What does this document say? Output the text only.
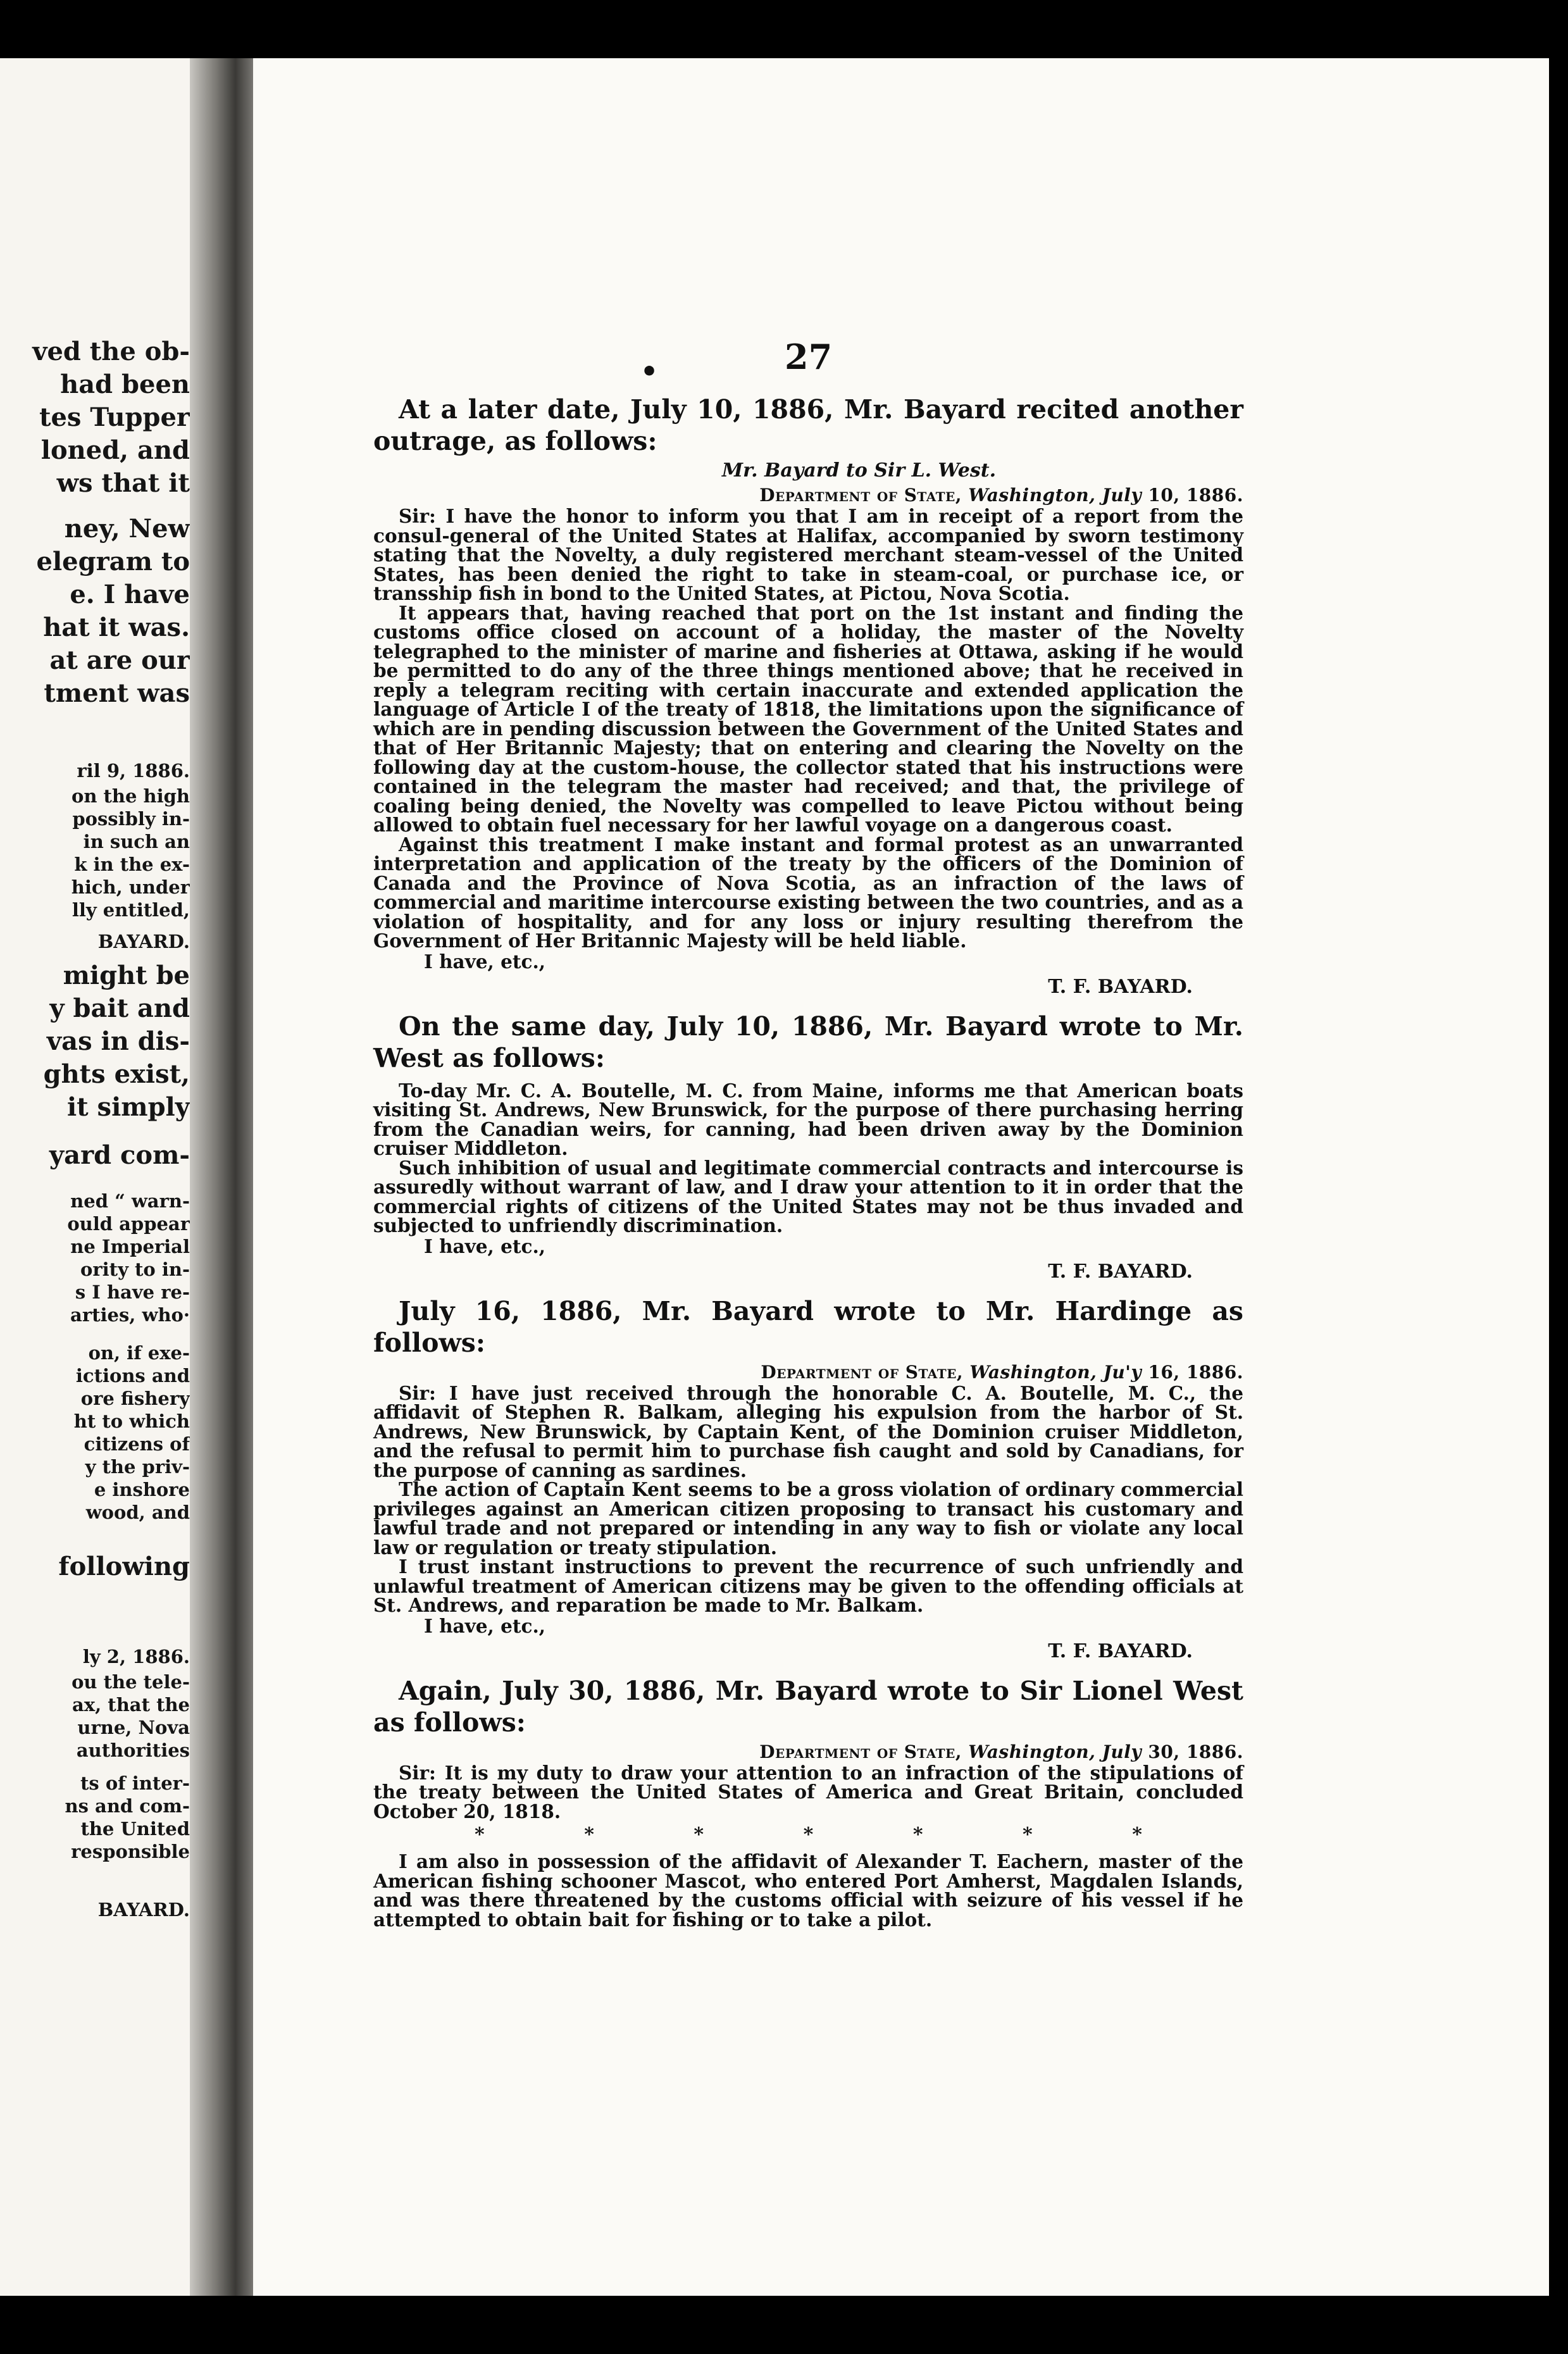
ved the ob-
had been
tes Tupper
loned, and
ws that it
ney, New
elegram to
e. I have
hat it was.
at are our
tment was
ril 9, 1886.
on the high
possibly in-
in such an
k in the ex-
hich, under
lly entitled,
BAYARD.
might be
y bait and
vas in dis-
ghts exist,
it simply
yard com-
ned “ warn-
ould appear
ne Imperial
ority to in-
s I have re-
arties, who·
on, if exe-
ictions and
ore fishery
ht to which
citizens of
y the priv-
e inshore
wood, and
following
ly 2, 1886.
ou the tele-
ax, that the
urne, Nova
authorities
ts of inter-
ns and com-
the United
responsible
BAYARD.
•	27

At a later date, July 10, 1886, Mr. Bayard recited another outrage, as follows:

Mr. Bayard to Sir L. West.

Department of State, Washington, July 10, 1886.

Sir: I have the honor to inform you that I am in receipt of a report from the consul-general of the United States at Halifax, accompanied by sworn testimony stating that the Novelty, a duly registered merchant steam-vessel of the United States, has been denied the right to take in steam-coal, or purchase ice, or transship fish in bond to the United States, at Pictou, Nova Scotia.

It appears that, having reached that port on the 1st instant and finding the customs office closed on account of a holiday, the master of the Novelty telegraphed to the minister of marine and fisheries at Ottawa, asking if he would be permitted to do any of the three things mentioned above; that he received in reply a telegram reciting with certain inaccurate and extended application the language of Article I of the treaty of 1818, the limitations upon the significance of which are in pending discussion between the Government of the United States and that of Her Britannic Majesty; that on entering and clearing the Novelty on the following day at the custom-house, the collector stated that his instructions were contained in the telegram the master had received; and that, the privilege of coaling being denied, the Novelty was compelled to leave Pictou without being allowed to obtain fuel necessary for her lawful voyage on a dangerous coast.

Against this treatment I make instant and formal protest as an unwarranted interpretation and application of the treaty by the officers of the Dominion of Canada and the Province of Nova Scotia, as an infraction of the laws of commercial and maritime intercourse existing between the two countries, and as a violation of hospitality, and for any loss or injury resulting therefrom the Government of Her Britannic Majesty will be held liable.

I have, etc.,

T. F. BAYARD.

On the same day, July 10, 1886, Mr. Bayard wrote to Mr. West as follows:

To-day Mr. C. A. Boutelle, M. C. from Maine, informs me that American boats visiting St. Andrews, New Brunswick, for the purpose of there purchasing herring from the Canadian weirs, for canning, had been driven away by the Dominion cruiser Middleton.

Such inhibition of usual and legitimate commercial contracts and intercourse is assuredly without warrant of law, and I draw your attention to it in order that the commercial rights of citizens of the United States may not be thus invaded and subjected to unfriendly discrimination.

I have, etc.,

T. F. BAYARD.

July 16, 1886, Mr. Bayard wrote to Mr. Hardinge as follows:

Department of State, Washington, Ju'y 16, 1886.

Sir: I have just received through the honorable C. A. Boutelle, M. C., the affidavit of Stephen R. Balkam, alleging his expulsion from the harbor of St. Andrews, New Brunswick, by Captain Kent, of the Dominion cruiser Middleton, and the refusal to permit him to purchase fish caught and sold by Canadians, for the purpose of canning as sardines.

The action of Captain Kent seems to be a gross violation of ordinary commercial privileges against an American citizen proposing to transact his customary and lawful trade and not prepared or intending in any way to fish or violate any local law or regulation or treaty stipulation.

I trust instant instructions to prevent the recurrence of such unfriendly and unlawful treatment of American citizens may be given to the offending officials at St. Andrews, and reparation be made to Mr. Balkam.

I have, etc.,

T. F. BAYARD.

Again, July 30, 1886, Mr. Bayard wrote to Sir Lionel West as follows:

Department of State, Washington, July 30, 1886.

Sir: It is my duty to draw your attention to an infraction of the stipulations of the treaty between the United States of America and Great Britain, concluded October 20, 1818.

*	*	*	*	*	*	*

I am also in possession of the affidavit of Alexander T. Eachern, master of the American fishing schooner Mascot, who entered Port Amherst, Magdalen Islands, and was there threatened by the customs official with seizure of his vessel if he attempted to obtain bait for fishing or to take a pilot.
